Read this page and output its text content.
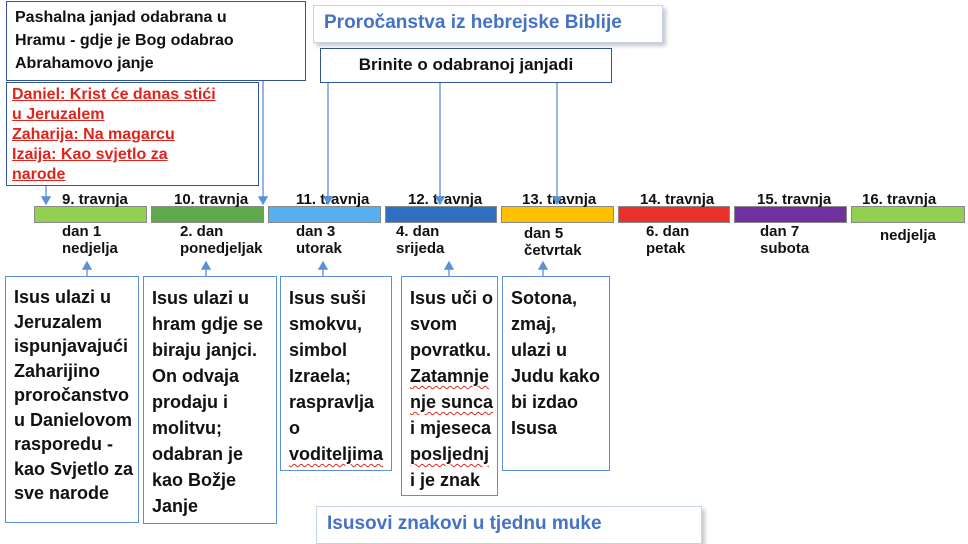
Proročanstva iz hebrejske Biblije
Pashalna janjad odabrana u
Hramu - gdje je Bog odabrao
Abrahamovo janje
Daniel: Krist će danas stići
u Jeruzalem
Zaharija: Na magarcu
Izaija: Kao svjetlo za
narode
Brinite o odabranoj janjadi
9. travnja	10. travnja	11. travnja	12. travnja	13. travnja	14. travnja	15. travnja 16. travnja
dan 1
nedjelja
2. dan
ponedjeljak
dan 3
utorak
4. dan
srijeda
dan 5
četvrtak
6. dan
petak
dan 7
subota
nedjelja
Isus ulazi u
Jeruzalem
ispunjavajući
Zaharijino
proročanstvo
u Danielovom
rasporedu -
kao Svjetlo za
sve narode
Isus ulazi u
hram gdje se
biraju janjci.
On odvaja
prodaju i
molitvu;
odabran je
kao Božje
Janje
Isus suši
smokvu,
simbol
Izraela;
raspravlja
o
voditeljima
Isus uči o
svom
povratku.
Zatamnje
nje sunca
i mjeseca
posljednj
i je znak
Sotona,
zmaj,
ulazi u
Judu kako
bi izdao
Isusa
Isusovi znakovi u tjednu muke
